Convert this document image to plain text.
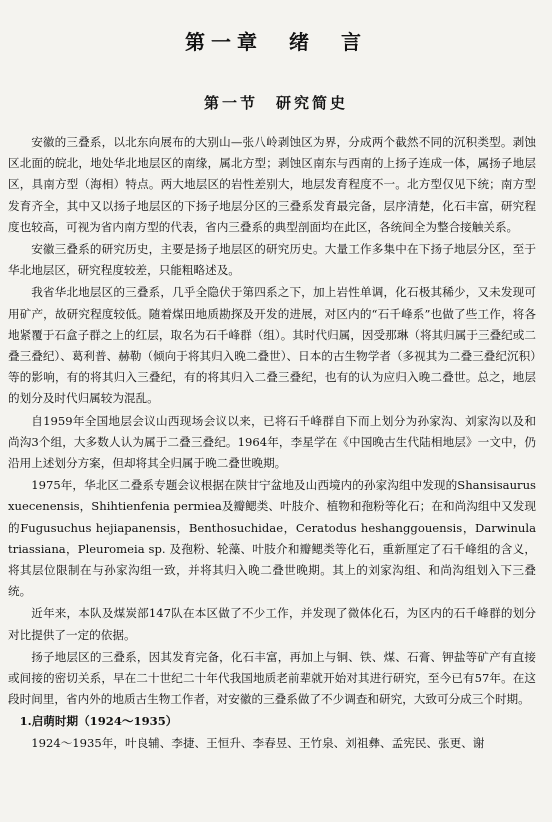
第一章　绪　言
第一节　研究简史

安徽的三叠系，以北东向展布的大别山—张八岭剥蚀区为界，分成两个截然不同的沉积类型。剥蚀区北面的皖北，地处华北地层区的南缘，属北方型；剥蚀区南东与西南的上扬子连成一体，属扬子地层区，具南方型（海相）特点。两大地层区的岩性差别大，地层发育程度不一。北方型仅见下统；南方型发育齐全，其中又以扬子地层区的下扬子地层分区的三叠系发育最完备，层序清楚，化石丰富，研究程度也较高，可视为省内南方型的代表，省内三叠系的典型剖面均在此区，各统间全为整合接触关系。

安徽三叠系的研究历史，主要是扬子地层区的研究历史。大量工作多集中在下扬子地层分区，至于华北地层区，研究程度较差，只能粗略述及。

我省华北地层区的三叠系，几乎全隐伏于第四系之下，加上岩性单调，化石极其稀少，又未发现可用矿产，故研究程度较低。随着煤田地质勘探及开发的进展，对区内的“石千峰系”也做了些工作，将各地紧覆于石盒子群之上的红层，取名为石千峰群（组）。其时代归属，因受那琳（将其归属于三叠纪或二叠三叠纪）、葛利普、赫勒（倾向于将其归入晚二叠世）、日本的古生物学者（多视其为二叠三叠纪沉积）等的影响，有的将其归入三叠纪，有的将其归入二叠三叠纪，也有的认为应归入晚二叠世。总之，地层的划分及时代归属较为混乱。

自1959年全国地层会议山西现场会议以来，已将石千峰群自下而上划分为孙家沟、刘家沟以及和尚沟3个组，大多数人认为属于二叠三叠纪。1964年，李星学在《中国晚古生代陆相地层》一文中，仍沿用上述划分方案，但却将其全归属于晚二叠世晚期。

1975年，华北区二叠系专题会议根据在陕甘宁盆地及山西境内的孙家沟组中发现的Shansisaurus xuecenensis，Shihtienfenia permiea及瓣鳃类、叶肢介、植物和孢粉等化石；在和尚沟组中又发现的Fugusuchus hejiapanensis，Benthosuchidae，Ceratodus heshanggouensis，Darwinula triassiana，Pleuromeia sp. 及孢粉、轮藻、叶肢介和瓣鳃类等化石，重新厘定了石千峰组的含义，将其层位限制在与孙家沟组一致，并将其归入晚二叠世晚期。其上的刘家沟组、和尚沟组划入下三叠统。

近年来，本队及煤炭部147队在本区做了不少工作，并发现了微体化石，为区内的石千峰群的划分对比提供了一定的依据。

扬子地层区的三叠系，因其发育完备，化石丰富，再加上与铜、铁、煤、石膏、钾盐等矿产有直接或间接的密切关系，早在二十世纪二十年代我国地质老前辈就开始对其进行研究，至今已有57年。在这段时间里，省内外的地质古生物工作者，对安徽的三叠系做了不少调查和研究，大致可分成三个时期。

1.启萌时期（1924～1935）

1924～1935年，叶良辅、李捷、王恒升、李春昱、王竹泉、刘祖彝、孟宪民、张更、谢
